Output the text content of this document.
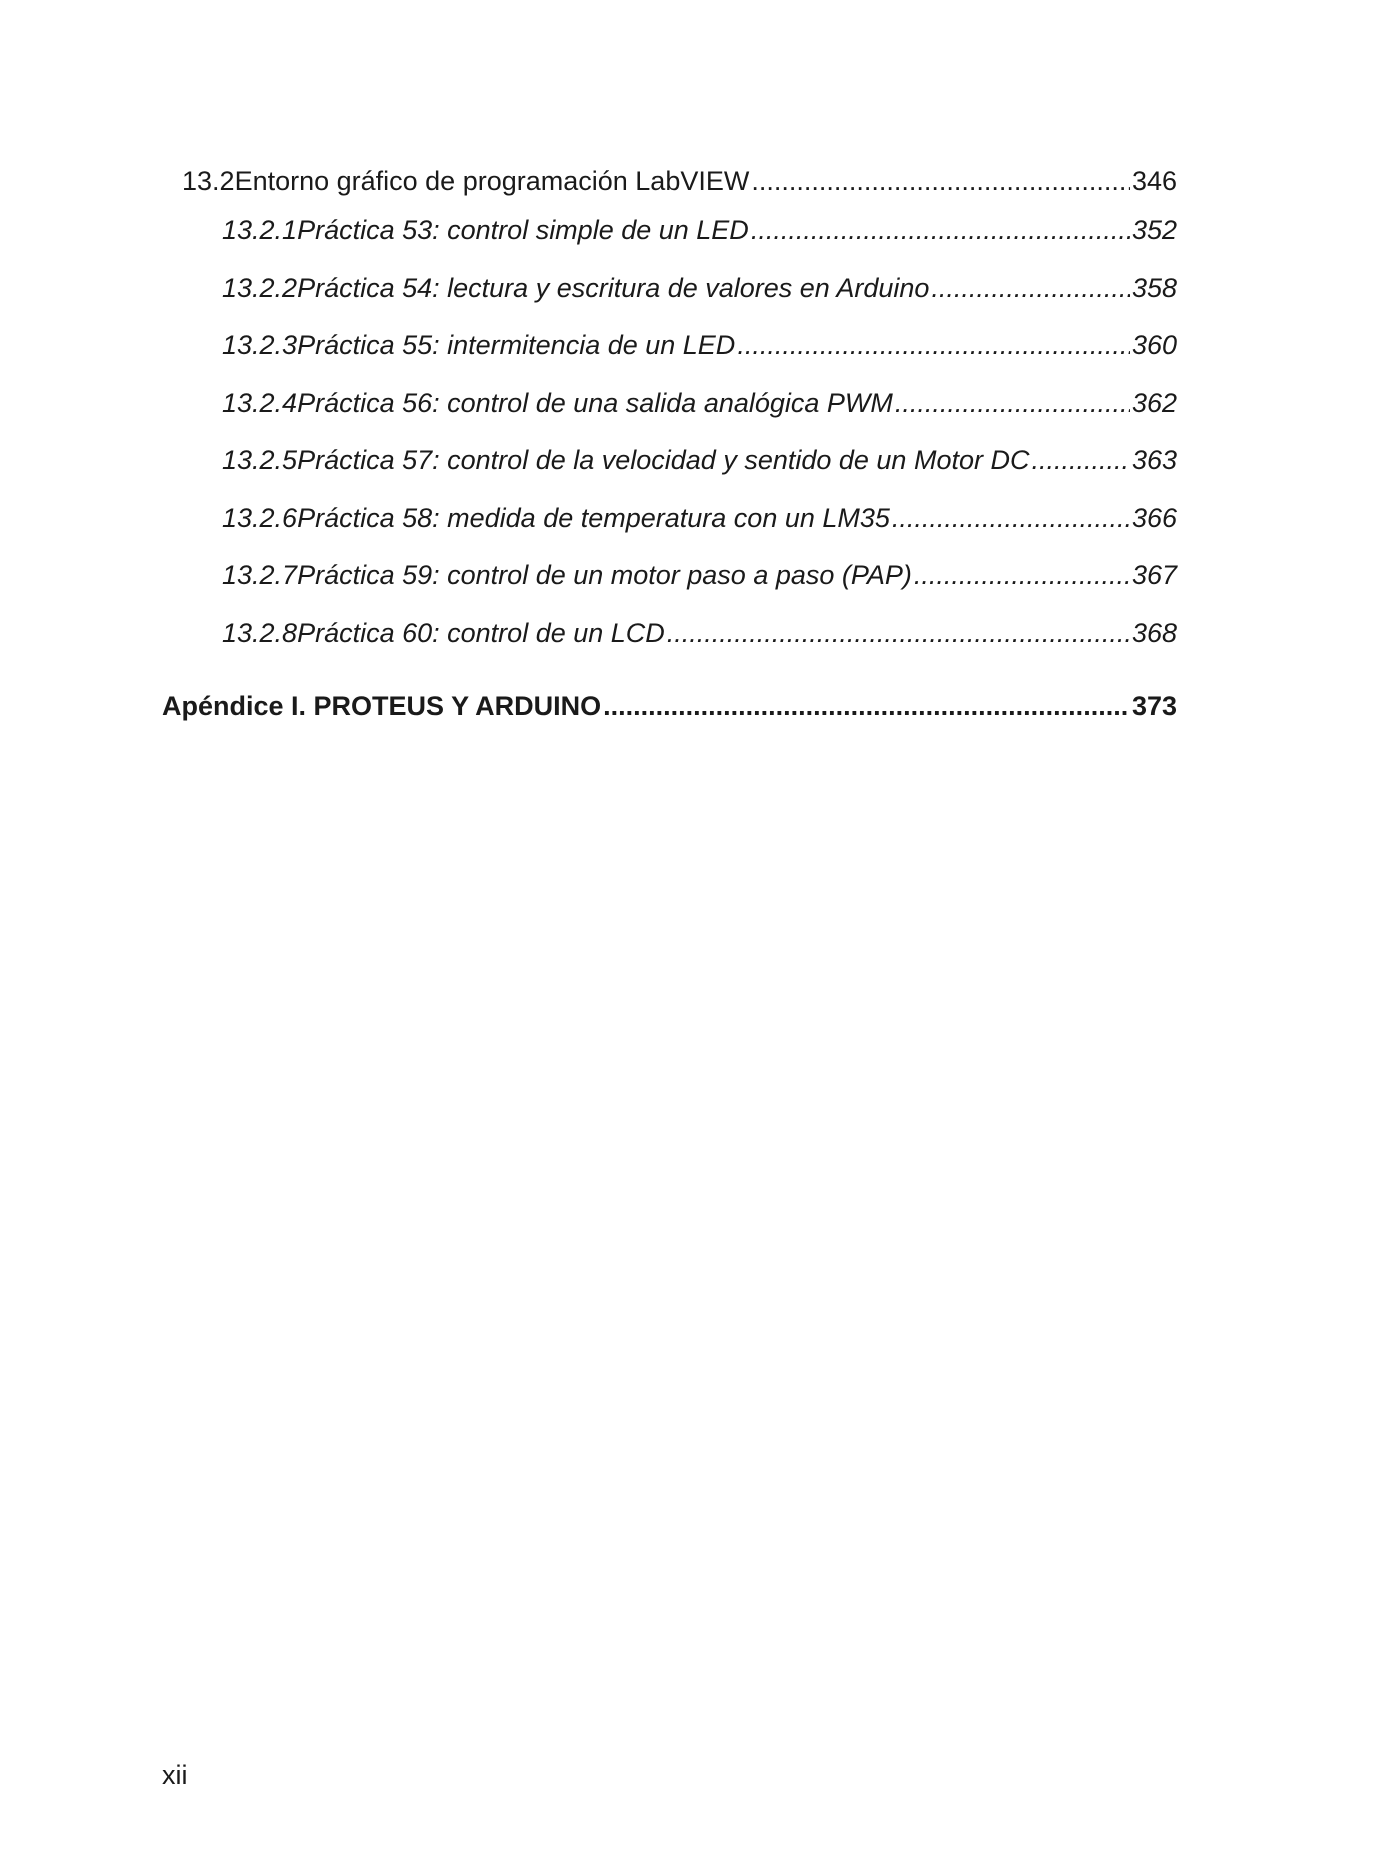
13.2 Entorno gráfico de programación LabVIEW .....	346
13.2.1 Práctica 53: control simple de un LED .....	352
13.2.2 Práctica 54: lectura y escritura de valores en Arduino .....	358
13.2.3 Práctica 55: intermitencia de un LED .....	360
13.2.4 Práctica 56: control de una salida analógica PWM .....	362
13.2.5 Práctica 57: control de la velocidad y sentido de un Motor DC .....	363
13.2.6 Práctica 58: medida de temperatura con un LM35 .....	366
13.2.7 Práctica 59: control de un motor paso a paso (PAP) .....	367
13.2.8 Práctica 60: control de un LCD .....	368
Apéndice I. PROTEUS Y ARDUINO .....	373
xii
